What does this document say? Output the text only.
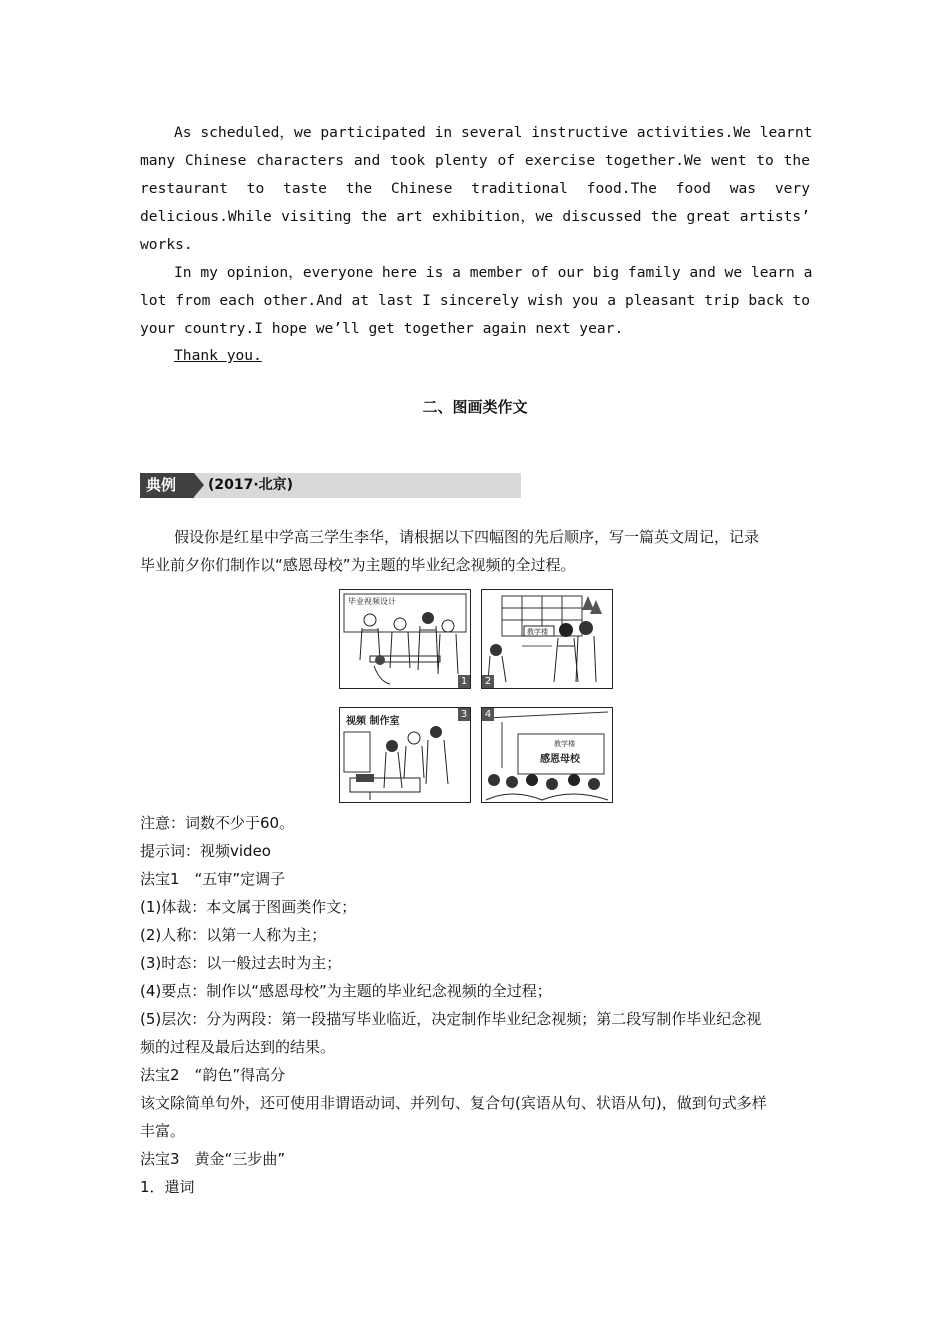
As scheduled，we participated in several instructive activities.We learnt
many Chinese characters and took plenty of exercise together.We went to the
restaurant to taste the Chinese traditional food.The food was very
delicious.While visiting the art exhibition，we discussed the great artists’
works.
In my opinion，everyone here is a member of our big family and we learn a
lot from each other.And at last I sincerely wish you a pleasant trip back to
your country.I hope we’ll get together again next year.
Thank you.
二、图画类作文
典例	(2017·北京)
假设你是红星中学高三学生李华，请根据以下四幅图的先后顺序，写一篇英文周记，记录
毕业前夕你们制作以“感恩母校”为主题的毕业纪念视频的全过程。
毕业视频设计
1
教学楼
2
视频 制作室
3
教学楼
感恩母校
4
注意：词数不少于60。
提示词：视频video
法宝1　“五审”定调子
(1)体裁：本文属于图画类作文；
(2)人称：以第一人称为主；
(3)时态：以一般过去时为主；
(4)要点：制作以“感恩母校”为主题的毕业纪念视频的全过程；
(5)层次：分为两段：第一段描写毕业临近，决定制作毕业纪念视频；第二段写制作毕业纪念视
频的过程及最后达到的结果。
法宝2　“韵色”得高分
该文除简单句外，还可使用非谓语动词、并列句、复合句(宾语从句、状语从句)，做到句式多样
丰富。
法宝3　黄金“三步曲”
1．遣词
